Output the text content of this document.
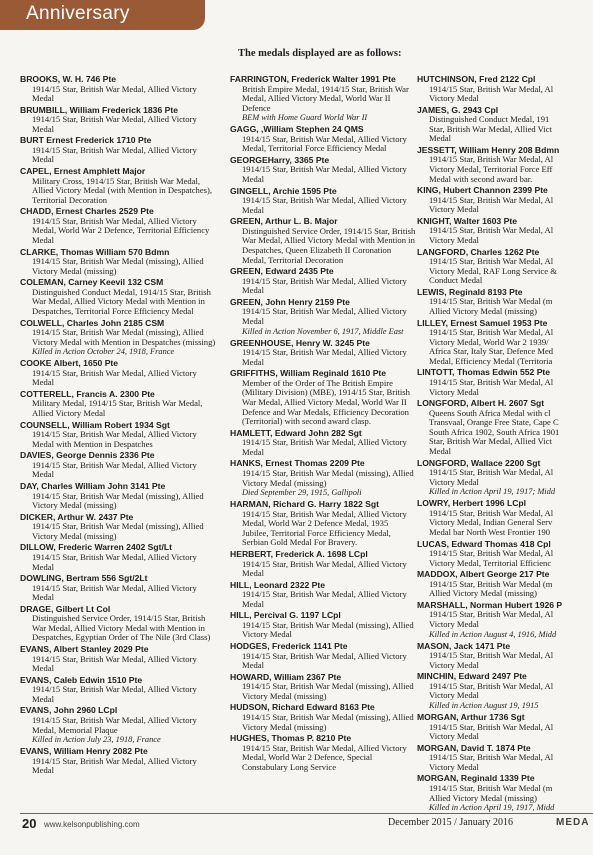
Anniversary
The medals displayed are as follows:
BROOKS, W. H. 746 Pte
1914/15 Star, British War Medal, Allied Victory Medal
BRUMBILL, William Frederick 1836 Pte
1914/15 Star, British War Medal, Allied Victory Medal
BURT Ernest Frederick 1710 Pte
1914/15 Star, British War Medal, Allied Victory Medal
CAPEL, Ernest Amphlett Major
Military Cross, 1914/15 Star, British War Medal, Allied Victory Medal (with Mention in Despatches), Territorial Decoration
CHADD, Ernest Charles 2529 Pte
1914/15 Star, British War Medal, Allied Victory Medal, World War 2 Defence, Territorial Efficiency Medal
CLARKE, Thomas William 570 Bdmn
1914/15 Star, British War Medal (missing), Allied Victory Medal (missing)
COLEMAN, Carney Keevil 132 CSM
Distinguished Conduct Medal, 1914/15 Star, British War Medal, Allied Victory Medal with Mention in Despatches, Territorial Force Efficiency Medal
COLWELL, Charles John 2185 CSM
1914/15 Star, British War Medal (missing), Allied Victory Medal with Mention in Despatches (missing)
Killed in Action October 24, 1918, France
COOKE Albert, 1650 Pte
1914/15 Star, British War Medal, Allied Victory Medal
COTTERELL, Francis A. 2300 Pte
Military Medal, 1914/15 Star, British War Medal, Allied Victory Medal
COUNSELL, William Robert 1934 Sgt
1914/15 Star, British War Medal, Allied Victory Medal with Mention in Despatches
DAVIES, George Dennis 2336 Pte
1914/15 Star, British War Medal, Allied Victory Medal
DAY, Charles William John 3141 Pte
1914/15 Star, British War Medal (missing), Allied Victory Medal (missing)
DICKER, Arthur W. 2437 Pte
1914/15 Star, British War Medal (missing), Allied Victory Medal (missing)
DILLOW, Frederic Warren 2402 Sgt/Lt
1914/15 Star, British War Medal, Allied Victory Medal
DOWLING, Bertram 556 Sgt/2Lt
1914/15 Star, British War Medal, Allied Victory Medal
DRAGE, Gilbert Lt Col
Distinguished Service Order, 1914/15 Star, British War Medal, Allied Victory Medal with Mention in Despatches, Egyptian Order of The Nile (3rd Class)
EVANS, Albert Stanley 2029 Pte
1914/15 Star, British War Medal, Allied Victory Medal
EVANS, Caleb Edwin 1510 Pte
1914/15 Star, British War Medal, Allied Victory Medal
EVANS, John 2960 LCpl
1914/15 Star, British War Medal, Allied Victory Medal, Memorial Plaque
Killed in Action July 23, 1918, France
EVANS, William Henry 2082 Pte
1914/15 Star, British War Medal, Allied Victory Medal
FARRINGTON, Frederick Walter 1991 Pte
British Empire Medal, 1914/15 Star, British War Medal, Allied Victory Medal, World War II Defence
BEM with Home Guard World War II
GAGG, ,William Stephen 24 QMS
1914/15 Star, British War Medal, Allied Victory Medal, Territorial Force Efficiency Medal
GEORGEHarry, 3365 Pte
1914/15 Star, British War Medal, Allied Victory Medal
GINGELL, Archie 1595 Pte
1914/15 Star, British War Medal, Allied Victory Medal
GREEN, Arthur L. B. Major
Distinguished Service Order, 1914/15 Star, British War Medal, Allied Victory Medal with Mention in Despatches, Queen Elizabeth II Coronation Medal, Territorial Decoration
GREEN, Edward 2435 Pte
1914/15 Star, British War Medal, Allied Victory Medal
GREEN, John Henry 2159 Pte
1914/15 Star, British War Medal, Allied Victory Medal
Killed in Action November 6, 1917, Middle East
GREENHOUSE, Henry W. 3245 Pte
1914/15 Star, British War Medal, Allied Victory Medal
GRIFFITHS, William Reginald 1610 Pte
Member of the Order of The British Empire (Military Division) (MBE), 1914/15 Star, British War Medal, Allied Victory Medal, World War II Defence and War Medals, Efficiency Decoration (Territorial) with second award clasp.
HAMLETT, Edward John 282 Sgt
1914/15 Star, British War Medal, Allied Victory Medal
HANKS, Ernest Thomas 2209 Pte
1914/15 Star, British War Medal (missing), Allied Victory Medal (missing)
Died September 29, 1915, Gallipoli
HARMAN, Richard G. Harry 1822 Sgt
1914/15 Star, British War Medal, Allied Victory Medal, World War 2 Defence Medal, 1935 Jubilee, Territorial Force Efficiency Medal, Serbian Gold Medal For Bravery.
HERBERT, Frederick A. 1698 LCpl
1914/15 Star, British War Medal, Allied Victory Medal
HILL, Leonard 2322 Pte
1914/15 Star, British War Medal, Allied Victory Medal
HILL, Percival G. 1197 LCpl
1914/15 Star, British War Medal (missing), Allied Victory Medal
HODGES, Frederick 1141 Pte
1914/15 Star, British War Medal, Allied Victory Medal
HOWARD, William 2367 Pte
1914/15 Star, British War Medal (missing), Allied Victory Medal (missing)
HUDSON, Richard Edward 8163 Pte
1914/15 Star, British War Medal (missing), Allied Victory Medal (missing)
HUGHES, Thomas P. 8210 Pte
1914/15 Star, British War Medal, Allied Victory Medal, World War 2 Defence, Special Constabulary Long Service
HUTCHINSON, Fred 2122 Cpl
1914/15 Star, British War Medal, Al
Victory Medal
JAMES, G. 2943 Cpl
Distinguished Conduct Medal, 191
Star, British War Medal, Allied Vict
Medal
JESSETT, William Henry 208 Bdmn
1914/15 Star, British War Medal, Al
Victory Medal, Territorial Force Eff
Medal with second award bar.
KING, Hubert Channon 2399 Pte
1914/15 Star, British War Medal, Al
Victory Medal
KNIGHT, Walter 1603 Pte
1914/15 Star, British War Medal, Al
Victory Medal
LANGFORD, Charles 1262 Pte
1914/15 Star, British War Medal, Al
Victory Medal, RAF Long Service &
Conduct Medal
LEWIS, Reginald 8193 Pte
1914/15 Star, British War Medal (m
Allied Victory Medal (missing)
LILLEY, Ernest Samuel 1953 Pte
1914/15 Star, British War Medal, Al
Victory Medal, World War 2 1939/
Africa Star, Italy Star, Defence Med
Medal, Efficiency Medal (Territoria
LINTOTT, Thomas Edwin 552 Pte
1914/15 Star, British War Medal, Al
Victory Medal
LONGFORD, Albert H. 2607 Sgt
Queens South Africa Medal with cl
Transvaal, Orange Free State, Cape C
South Africa 1902, South Africa 1901
Star, British War Medal, Allied Vict
Medal
LONGFORD, Wallace 2200 Sgt
1914/15 Star, British War Medal, Al
Victory Medal
Killed in Action April 19, 1917; Midd
LOWRY, Herbert 1996 LCpl
1914/15 Star, British War Medal, Al
Victory Medal, Indian General Serv
Medal bar North West Frontier 190
LUCAS, Edward Thomas 418 Cpl
1914/15 Star, British War Medal, Al
Victory Medal, Territorial Efficienc
MADDOX, Albert George 217 Pte
1914/15 Star, British War Medal (m
Allied Victory Medal (missing)
MARSHALL, Norman Hubert 1926 P
1914/15 Star, British War Medal, Al
Victory Medal
Killed in Action August 4, 1916, Midd
MASON, Jack 1471 Pte
1914/15 Star, British War Medal, Al
Victory Medal
MINCHIN, Edward 2497 Pte
1914/15 Star, British War Medal, Al
Victory Medal
Killed in Action August 19, 1915
MORGAN, Arthur 1736 Sgt
1914/15 Star, British War Medal, Al
Victory Medal
MORGAN, David T. 1874 Pte
1914/15 Star, British War Medal, Al
Victory Medal
MORGAN, Reginald 1339 Pte
1914/15 Star, British War Medal (m
Allied Victory Medal (missing)
Killed in Action April 19, 1917, Midd
20 www.kelsonpublishing.com	December 2015 / January 2016	MEDA
